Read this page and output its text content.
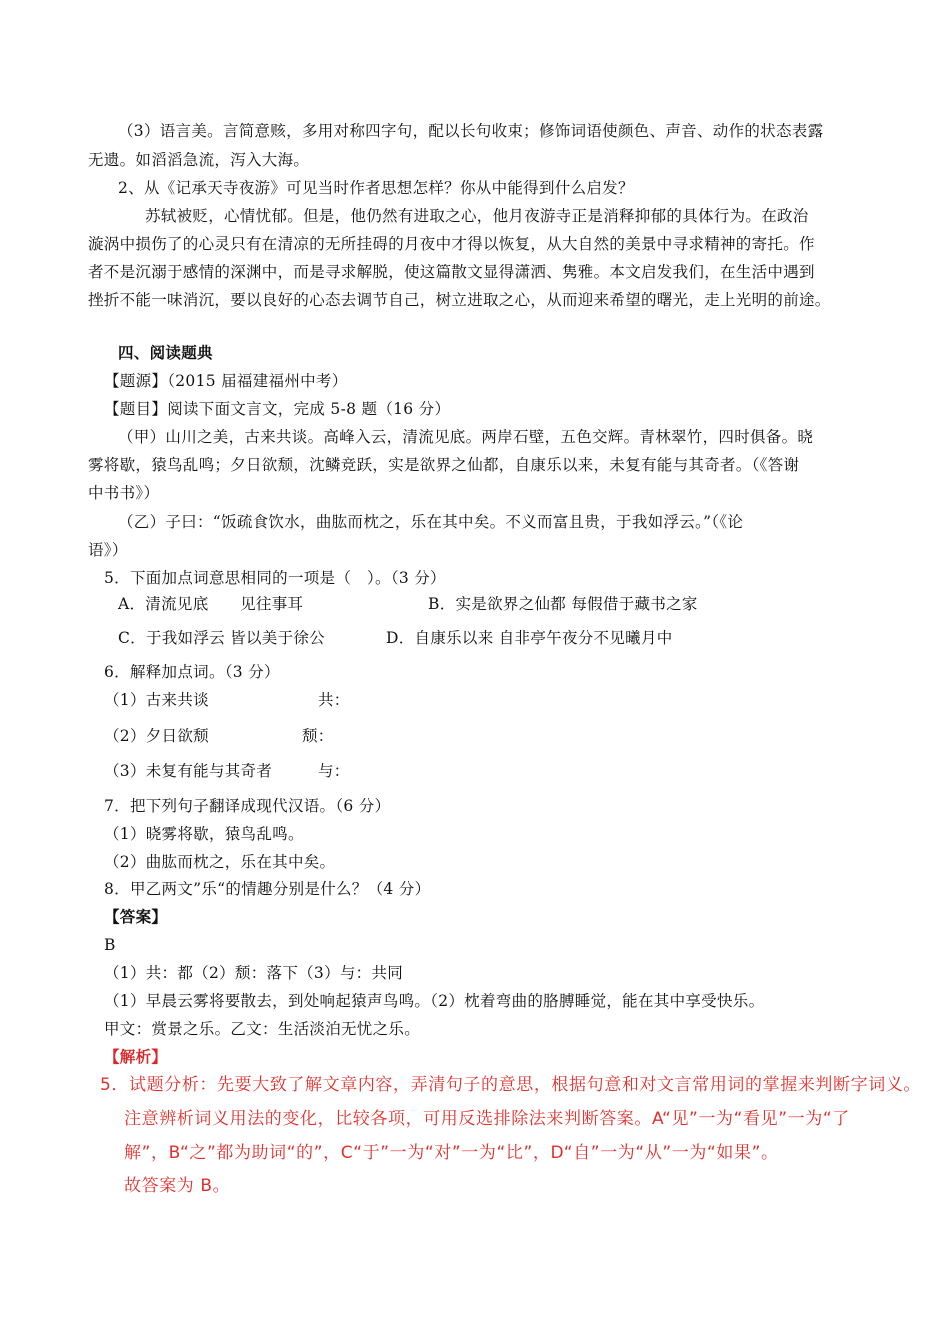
（3）语言美。言简意赅，多用对称四字句，配以长句收束；修饰词语使颜色、声音、动作的状态表露
无遗。如滔滔急流，泻入大海。
2、从《记承天寺夜游》可见当时作者思想怎样？你从中能得到什么启发？
苏轼被贬，心情忧郁。但是，他仍然有进取之心，他月夜游寺正是消释抑郁的具体行为。在政治
漩涡中损伤了的心灵只有在清凉的无所挂碍的月夜中才得以恢复，从大自然的美景中寻求精神的寄托。作
者不是沉溺于感情的深渊中，而是寻求解脱，使这篇散文显得潇洒、隽雅。本文启发我们，在生活中遇到
挫折不能一味消沉，要以良好的心态去调节自己，树立进取之心，从而迎来希望的曙光，走上光明的前途。
四、阅读题典
【题源】（2015 届福建福州中考）
【题目】阅读下面文言文，完成 5-8 题（16 分）
（甲）山川之美，古来共谈。高峰入云，清流见底。两岸石壁，五色交辉。青林翠竹，四时俱备。晓
雾将歇，猿鸟乱鸣；夕日欲颓，沈鳞竞跃，实是欲界之仙都，自康乐以来，未复有能与其奇者。（《答谢
中书书》）
（乙）子曰：“饭疏食饮水，曲肱而枕之，乐在其中矣。不义而富且贵，于我如浮云。”（《论
语》）
5．下面加点词意思相同的一项是（　）。（3 分）
A．清流见底　　见往事耳	B．实是欲界之仙都 每假借于藏书之家
C．于我如浮云 皆以美于徐公	D．自康乐以来 自非亭午夜分不见曦月中
6．解释加点词。（3 分）
（1）古来共谈	共：
（2）夕日欲颓	颓：
（3）未复有能与其奇者	与：
7．把下列句子翻译成现代汉语。（6 分）
（1）晓雾将歇，猿鸟乱鸣。
（2）曲肱而枕之，乐在其中矣。
8．甲乙两文”乐“的情趣分别是什么？（4 分）
【答案】
B
（1）共：都（2）颓：落下（3）与：共同
（1）早晨云雾将要散去，到处响起猿声鸟鸣。（2）枕着弯曲的胳膊睡觉，能在其中享受快乐。
甲文：赏景之乐。乙文：生活淡泊无忧之乐。
【解析】
5．试题分析：先要大致了解文章内容，弄清句子的意思，根据句意和对文言常用词的掌握来判断字词义。
注意辨析词义用法的变化，比较各项，可用反选排除法来判断答案。A“见”一为“看见”一为“了
解”，B“之”都为助词“的”，C“于”一为“对”一为“比”，D“自”一为“从”一为“如果”。
故答案为 B。
